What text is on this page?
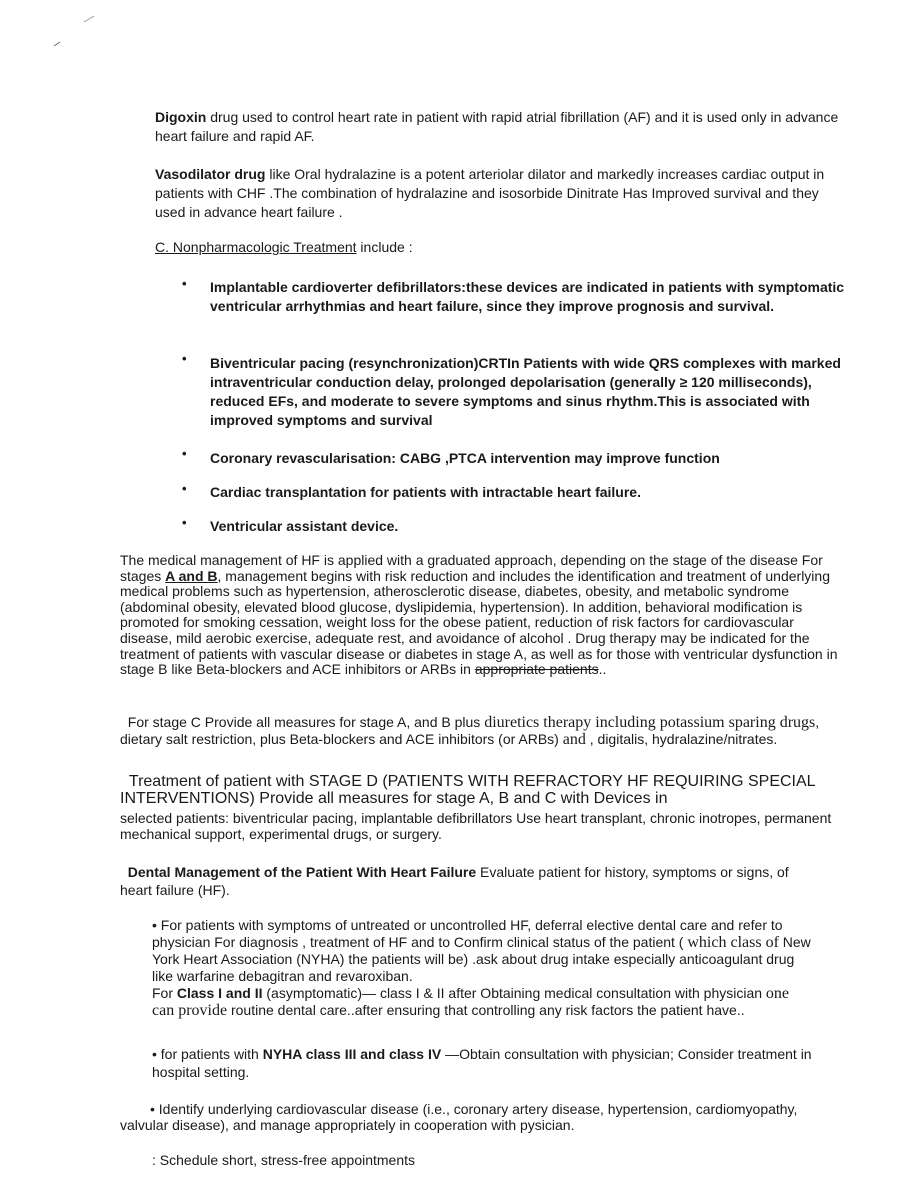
Digoxin drug used to control heart rate in patient with rapid atrial fibrillation (AF) and it is used only in advance heart failure and rapid AF.
Vasodilator drug like Oral hydralazine is a potent arteriolar dilator and markedly increases cardiac output in patients with CHF .The combination of hydralazine and isosorbide Dinitrate Has Improved survival and they used in advance heart failure .
C. Nonpharmacologic Treatment include :
• Implantable cardioverter defibrillators:these devices are indicated in patients with symptomatic ventricular arrhythmias and heart failure, since they improve prognosis and survival.
• Biventricular pacing (resynchronization)CRTIn Patients with wide QRS complexes with marked intraventricular conduction delay, prolonged depolarisation (generally ≥ 120 milliseconds), reduced EFs, and moderate to severe symptoms and sinus rhythm.This is associated with improved symptoms and survival
• Coronary revascularisation: CABG ,PTCA intervention may improve function
• Cardiac transplantation for patients with intractable heart failure.
• Ventricular assistant device.
The medical management of HF is applied with a graduated approach, depending on the stage of the disease For stages A and B, management begins with risk reduction and includes the identification and treatment of underlying medical problems such as hypertension, atherosclerotic disease, diabetes, obesity, and metabolic syndrome (abdominal obesity, elevated blood glucose, dyslipidemia, hypertension). In addition, behavioral modification is promoted for smoking cessation, weight loss for the obese patient, reduction of risk factors for cardiovascular disease, mild aerobic exercise, adequate rest, and avoidance of alcohol . Drug therapy may be indicated for the treatment of patients with vascular disease or diabetes in stage A, as well as for those with ventricular dysfunction in stage B like Beta-blockers and ACE inhibitors or ARBs in appropriate patients..
For stage C Provide all measures for stage A, and B plus diuretics therapy including potassium sparing drugs, dietary salt restriction, plus Beta-blockers and ACE inhibitors (or ARBs) and , digitalis, hydralazine/nitrates.
Treatment of patient with STAGE D (PATIENTS WITH REFRACTORY HF REQUIRING SPECIAL INTERVENTIONS) Provide all measures for stage A, B and C with Devices in
selected patients: biventricular pacing, implantable defibrillators Use heart transplant, chronic inotropes, permanent mechanical support, experimental drugs, or surgery.
Dental Management of the Patient With Heart Failure Evaluate patient for history, symptoms or signs, of heart failure (HF).
• For patients with symptoms of untreated or uncontrolled HF, deferral elective dental care and refer to physician For diagnosis , treatment of HF and to Confirm clinical status of the patient ( which class of New York Heart Association (NYHA) the patients will be) .ask about drug intake especially anticoagulant drug like warfarine debagitran and revaroxiban.
For Class I and II (asymptomatic)— class I & II after Obtaining medical consultation with physician one can provide routine dental care..after ensuring that controlling any risk factors the patient have..
• for patients with NYHA class III and class IV —Obtain consultation with physician; Consider treatment in hospital setting.
• Identify underlying cardiovascular disease (i.e., coronary artery disease, hypertension, cardiomyopathy, valvular disease), and manage appropriately in cooperation with pysician.
: Schedule short, stress-free appointments
